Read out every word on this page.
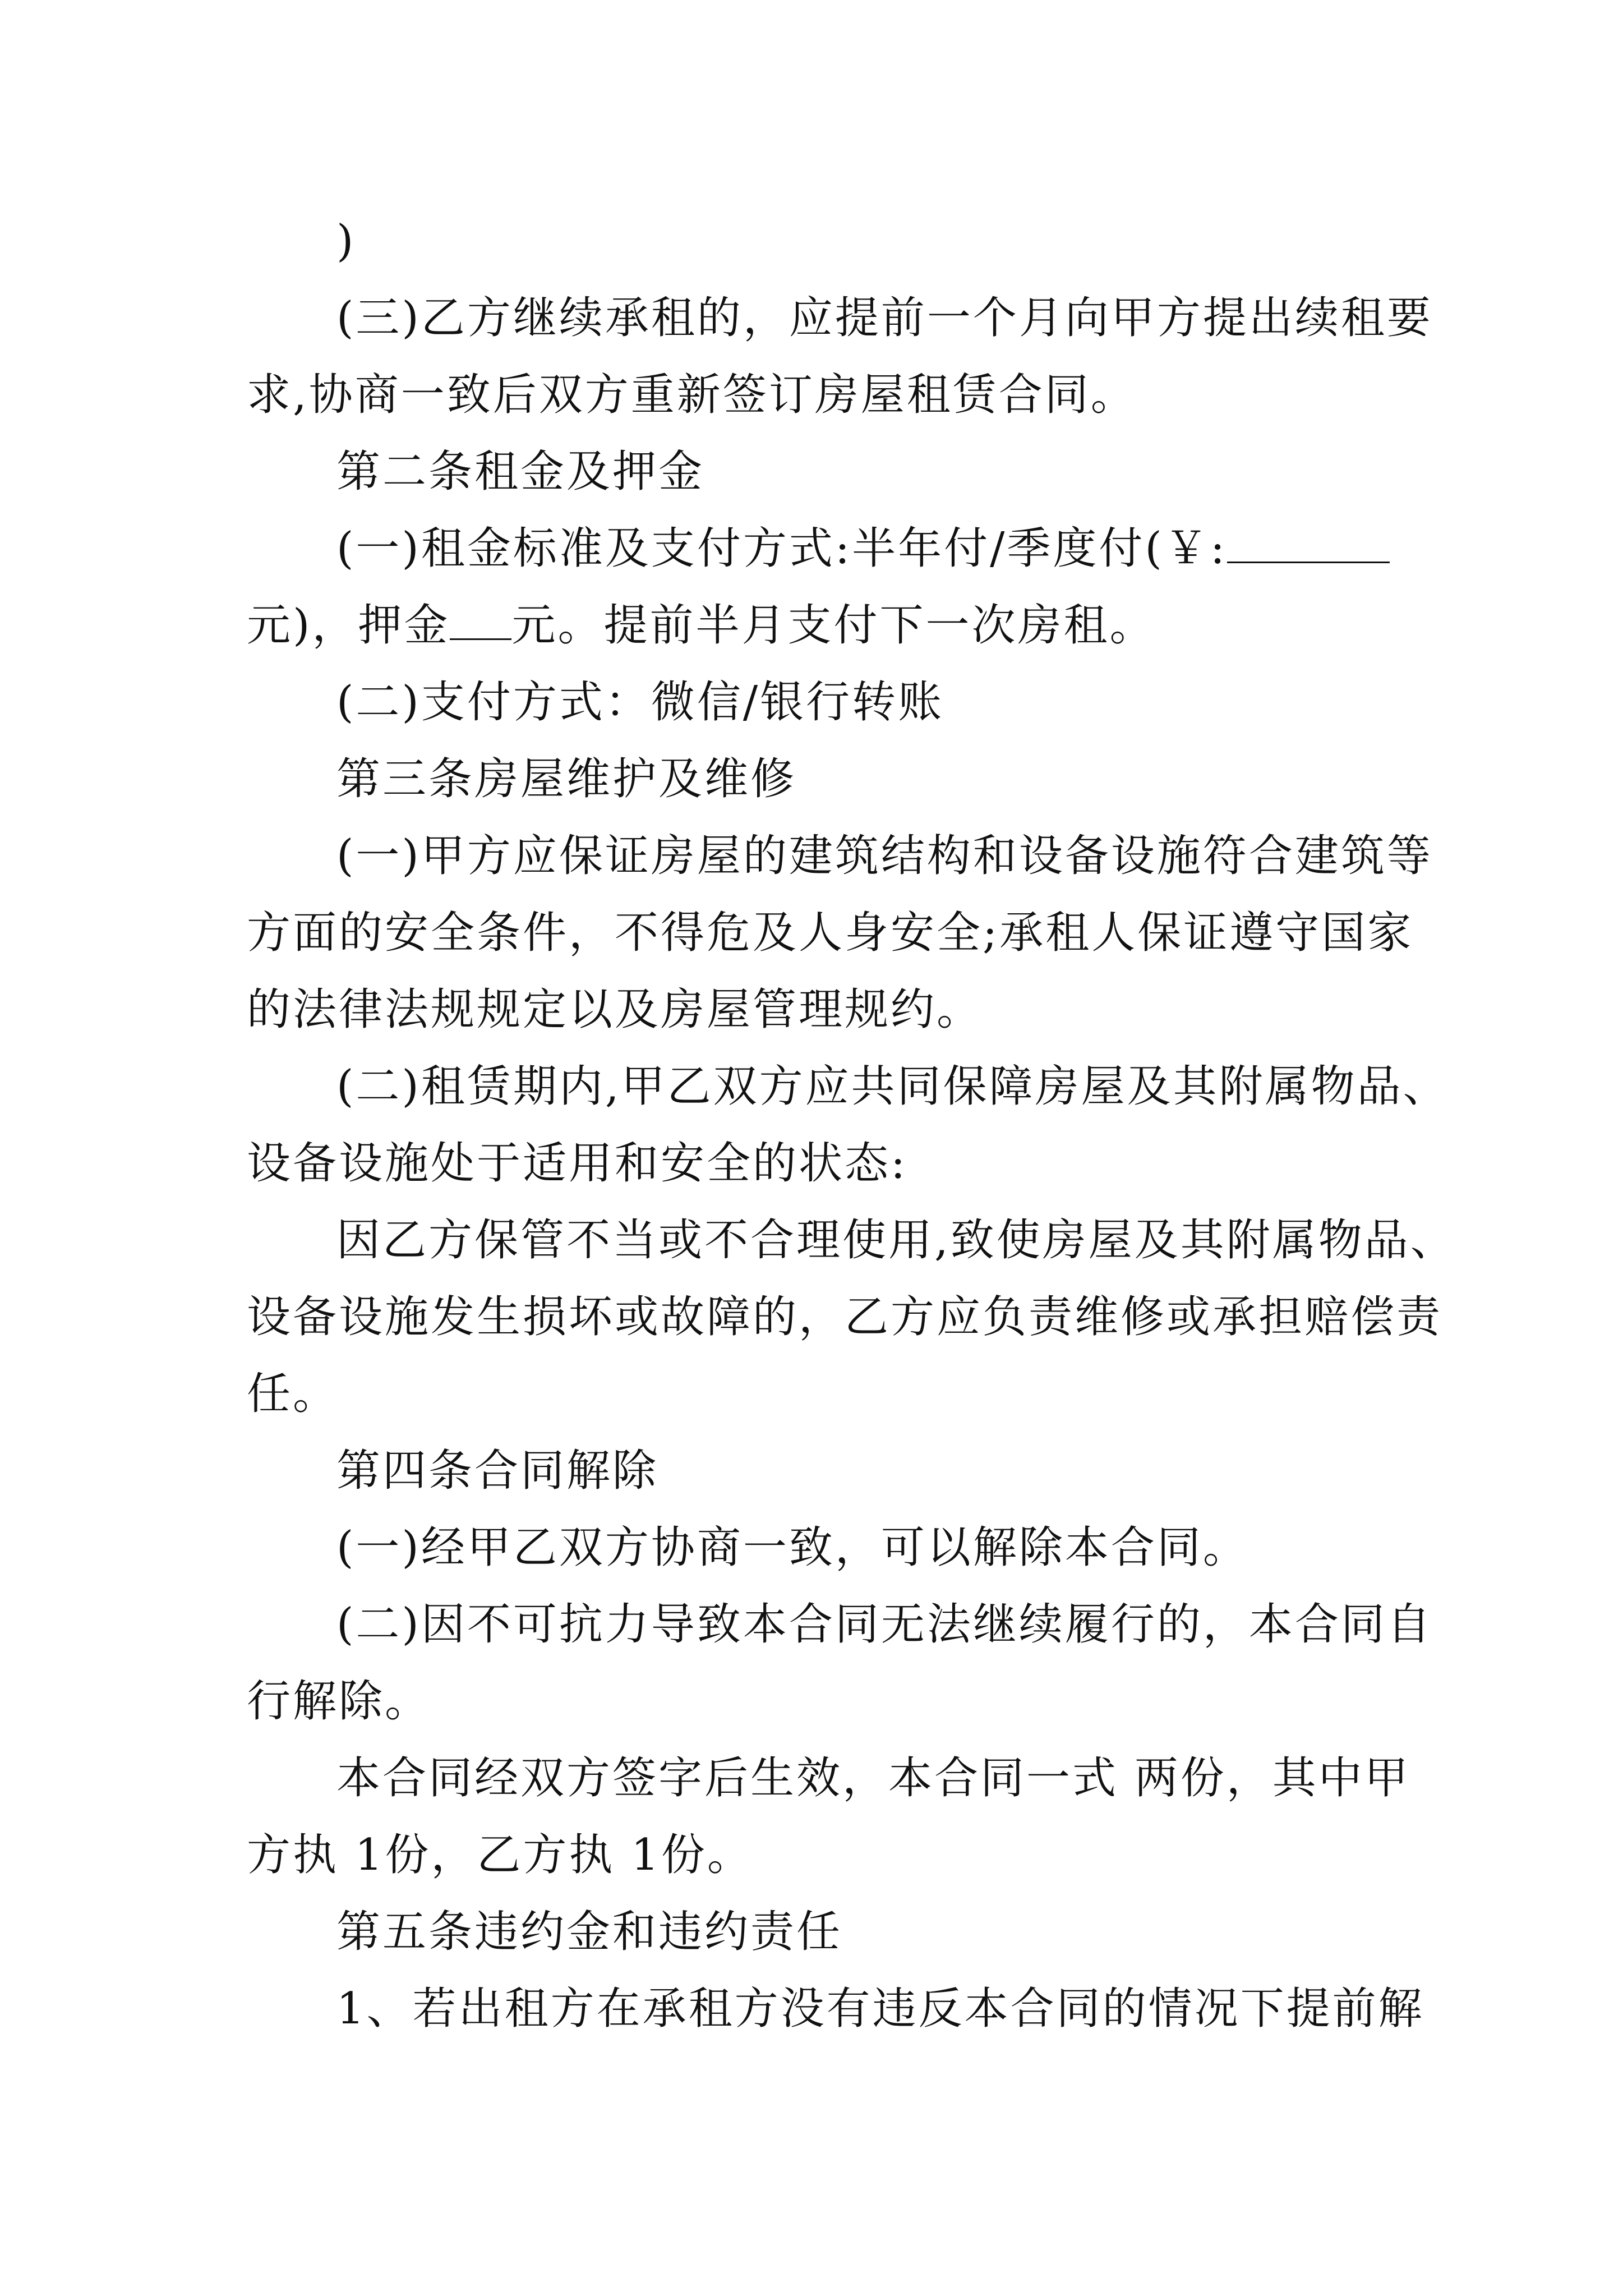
)
(三)乙方继续承租的，应提前一个月向甲方提出续租要
求,协商一致后双方重新签订房屋租赁合同。
第二条租金及押金
(一)租金标准及支付方式:半年付/季度付(￥:
元)，押金 元。提前半月支付下一次房租。
(二)支付方式：微信/银行转账
第三条房屋维护及维修
(一)甲方应保证房屋的建筑结构和设备设施符合建筑等
方面的安全条件，不得危及人身安全;承租人保证遵守国家
的法律法规规定以及房屋管理规约。
(二)租赁期内,甲乙双方应共同保障房屋及其附属物品、
设备设施处于适用和安全的状态:
因乙方保管不当或不合理使用,致使房屋及其附属物品、
设备设施发生损坏或故障的，乙方应负责维修或承担赔偿责
任。
第四条合同解除
(一)经甲乙双方协商一致，可以解除本合同。
(二)因不可抗力导致本合同无法继续履行的，本合同自
行解除。
本合同经双方签字后生效，本合同一式 两份，其中甲
方执 1份，乙方执 1份。
第五条违约金和违约责任
1、若出租方在承租方没有违反本合同的情况下提前解
